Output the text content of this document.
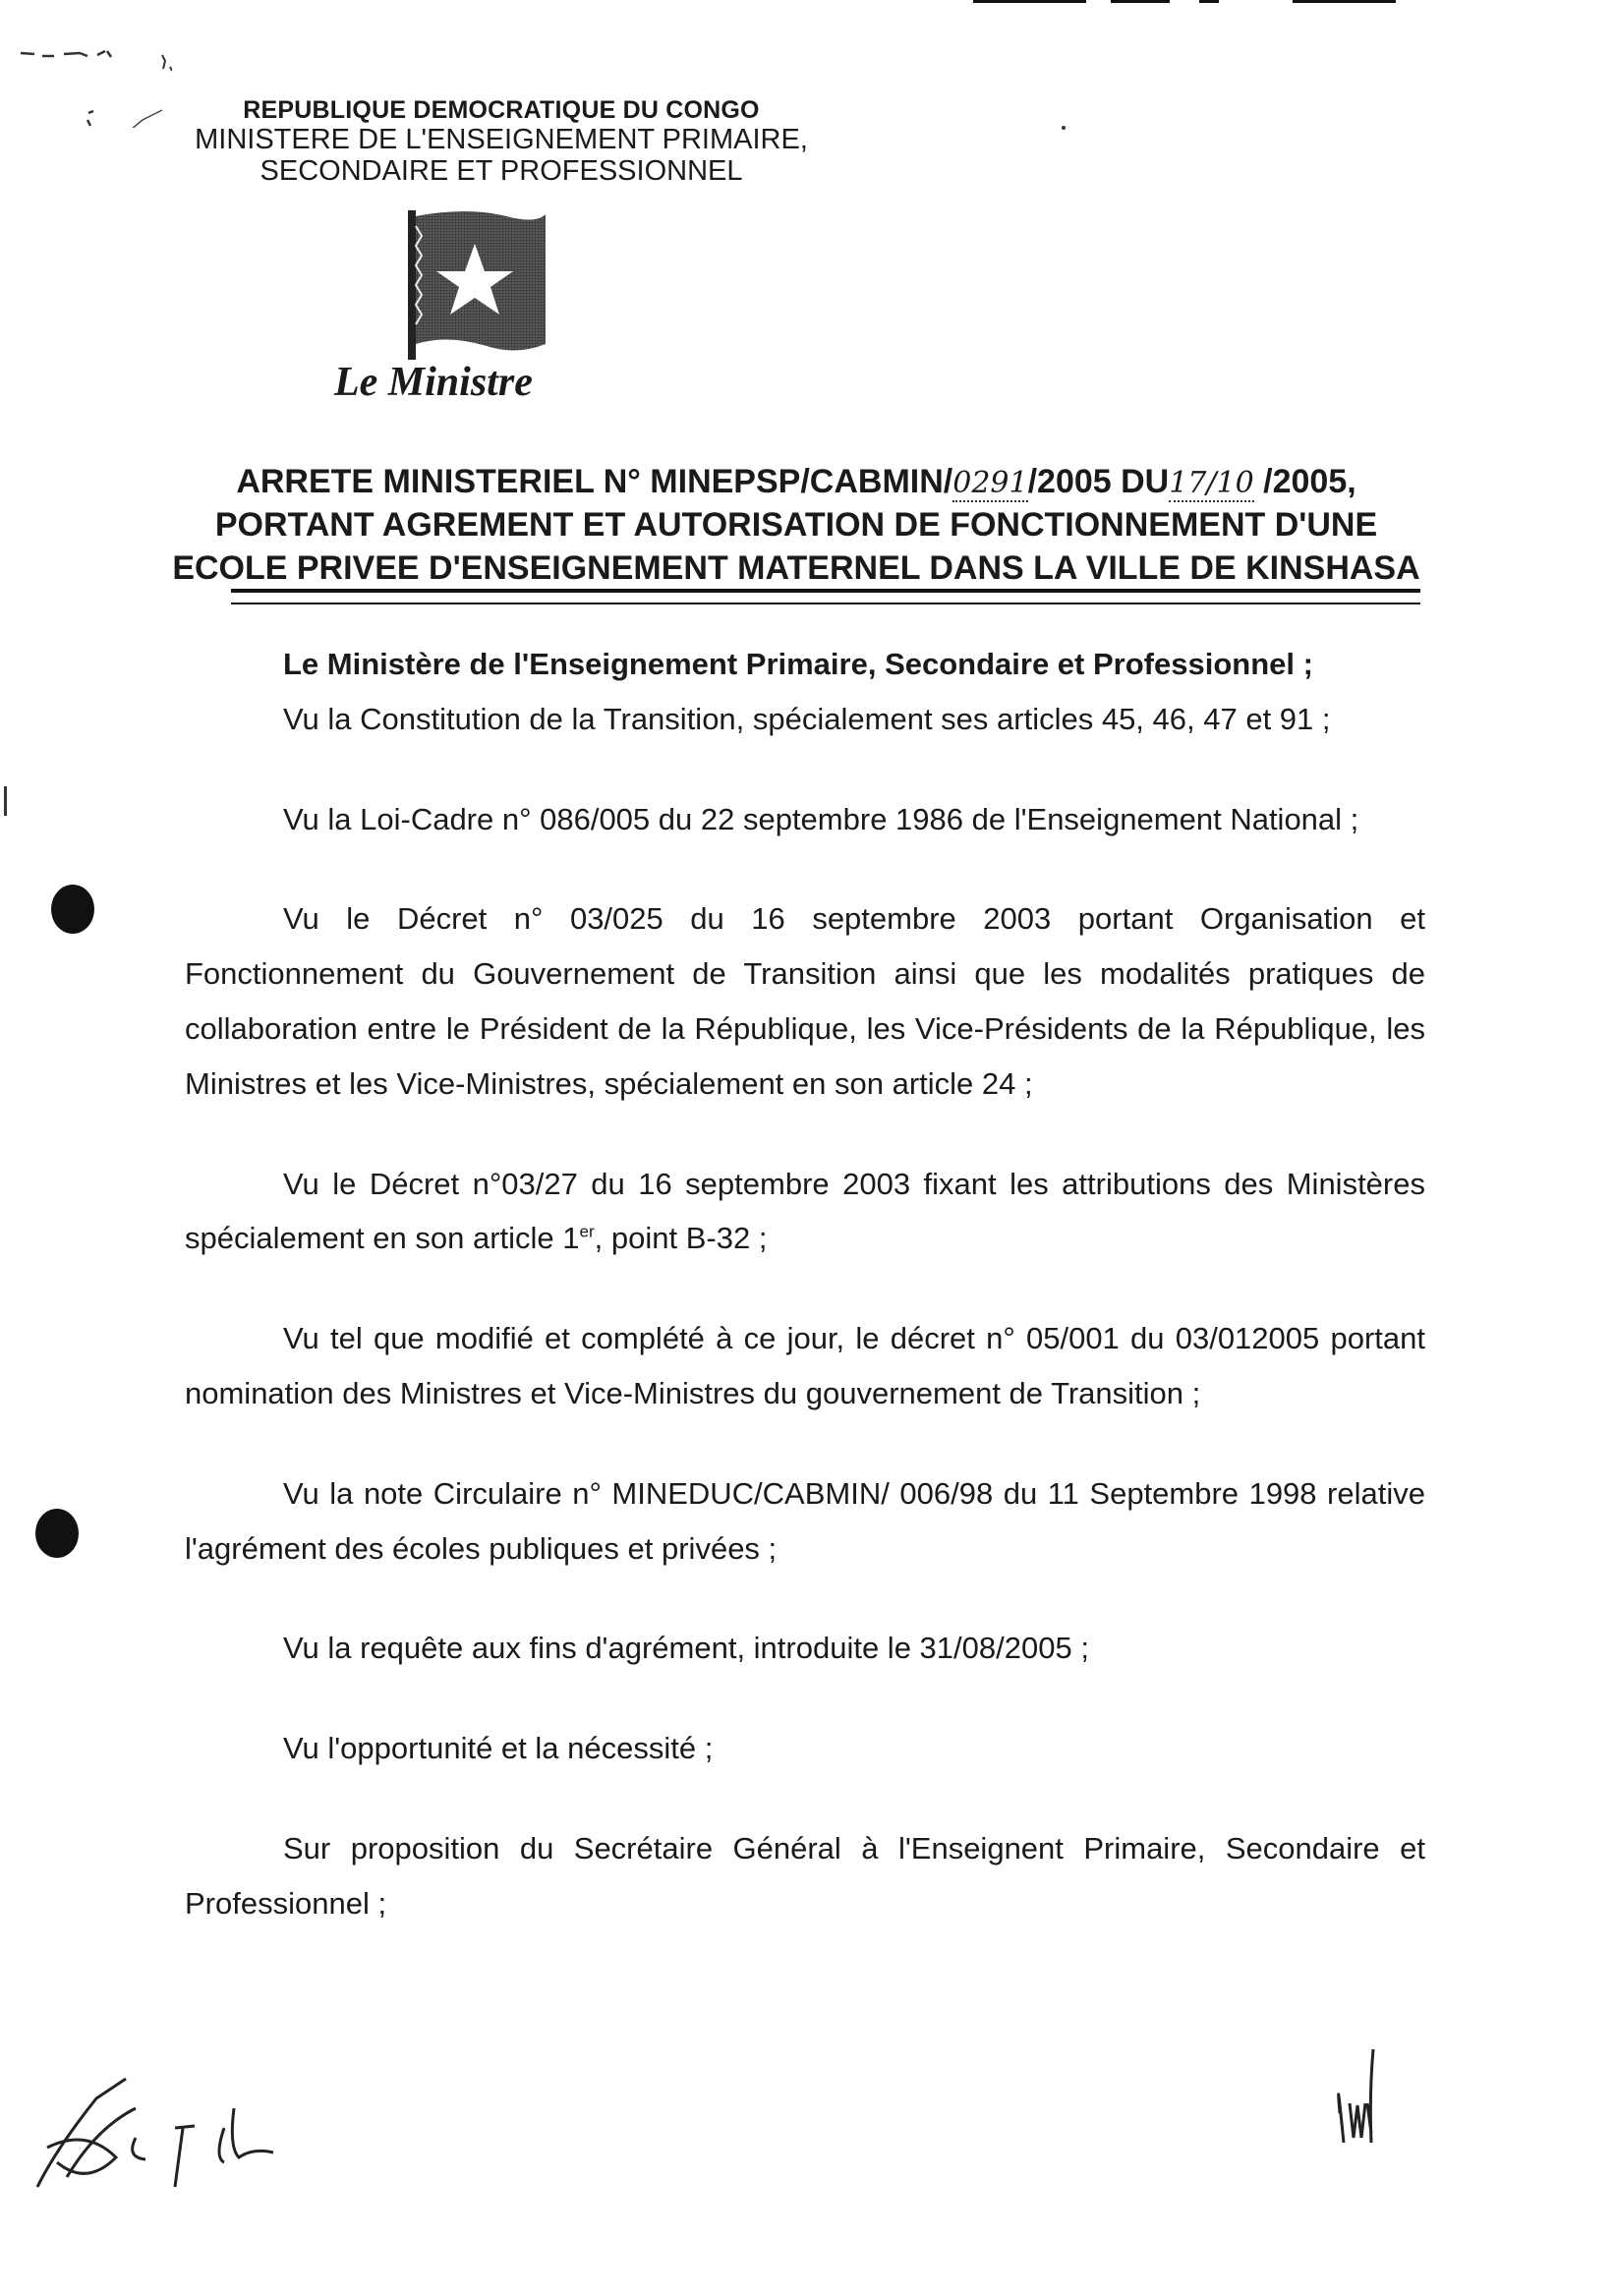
REPUBLIQUE DEMOCRATIQUE DU CONGO
MINISTERE DE L'ENSEIGNEMENT PRIMAIRE,
SECONDAIRE ET PROFESSIONNEL
Le Ministre
ARRETE MINISTERIEL N° MINEPSP/CABMIN/0291/2005 DU17/10 /2005,
PORTANT AGREMENT ET AUTORISATION DE FONCTIONNEMENT D'UNE
ECOLE PRIVEE D'ENSEIGNEMENT MATERNEL DANS LA VILLE DE KINSHASA

Le Ministère de l'Enseignement Primaire, Secondaire et Professionnel ;

Vu la Constitution de la Transition, spécialement ses articles 45, 46, 47 et 91 ;

Vu la Loi-Cadre n° 086/005 du 22 septembre 1986 de l'Enseignement National ;

Vu le Décret n° 03/025 du 16 septembre 2003 portant Organisation et Fonctionnement du Gouvernement de Transition ainsi que les modalités pratiques de collaboration entre le Président de la République, les Vice-Présidents de la République, les Ministres et les Vice-Ministres, spécialement en son article 24 ;

Vu le Décret n°03/27 du 16 septembre 2003 fixant les attributions des Ministères spécialement en son article 1er, point B-32 ;

Vu tel que modifié et complété à ce jour, le décret n° 05/001 du 03/012005 portant nomination des Ministres et Vice-Ministres du gouvernement de Transition ;

Vu la note Circulaire n° MINEDUC/CABMIN/ 006/98 du 11 Septembre 1998 relative l'agrément des écoles publiques et privées ;

Vu la requête aux fins d'agrément, introduite le 31/08/2005 ;

Vu l'opportunité et la nécessité ;

Sur proposition du Secrétaire Général à l'Enseignent Primaire, Secondaire et Professionnel ;
